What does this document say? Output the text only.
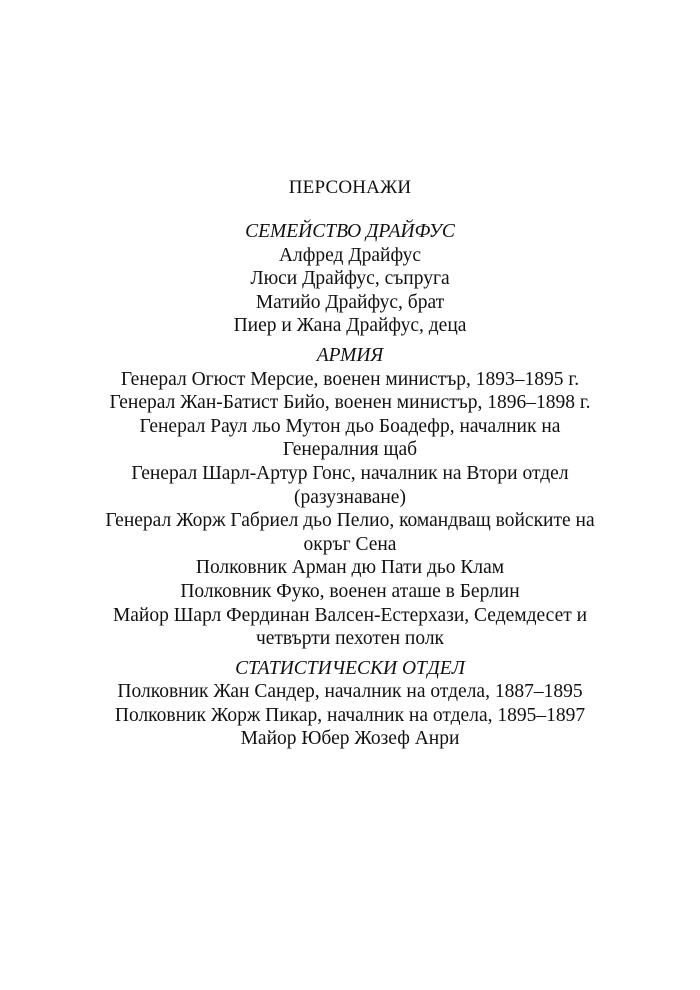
ПЕРСОНАЖИ
СЕМЕЙСТВО ДРАЙФУС
Алфред Драйфус
Люси Драйфус, съпруга
Матийо Драйфус, брат
Пиер и Жана Драйфус, деца
АРМИЯ
Генерал Огюст Мерсие, военен министър, 1893–1895 г.
Генерал Жан-Батист Бийо, военен министър, 1896–1898 г.
Генерал Раул льо Мутон дьо Боадефр, началник на Генералния щаб
Генерал Шарл-Артур Гонс, началник на Втори отдел (разузнаване)
Генерал Жорж Габриел дьо Пелио, командващ войските на окръг Сена
Полковник Арман дю Пати дьо Клам
Полковник Фуко, военен аташе в Берлин
Майор Шарл Фердинан Валсен-Естерхази, Седемдесет и четвърти пехотен полк
СТАТИСТИЧЕСКИ ОТДЕЛ
Полковник Жан Сандер, началник на отдела, 1887–1895
Полковник Жорж Пикар, началник на отдела, 1895–1897
Майор Юбер Жозеф Анри
